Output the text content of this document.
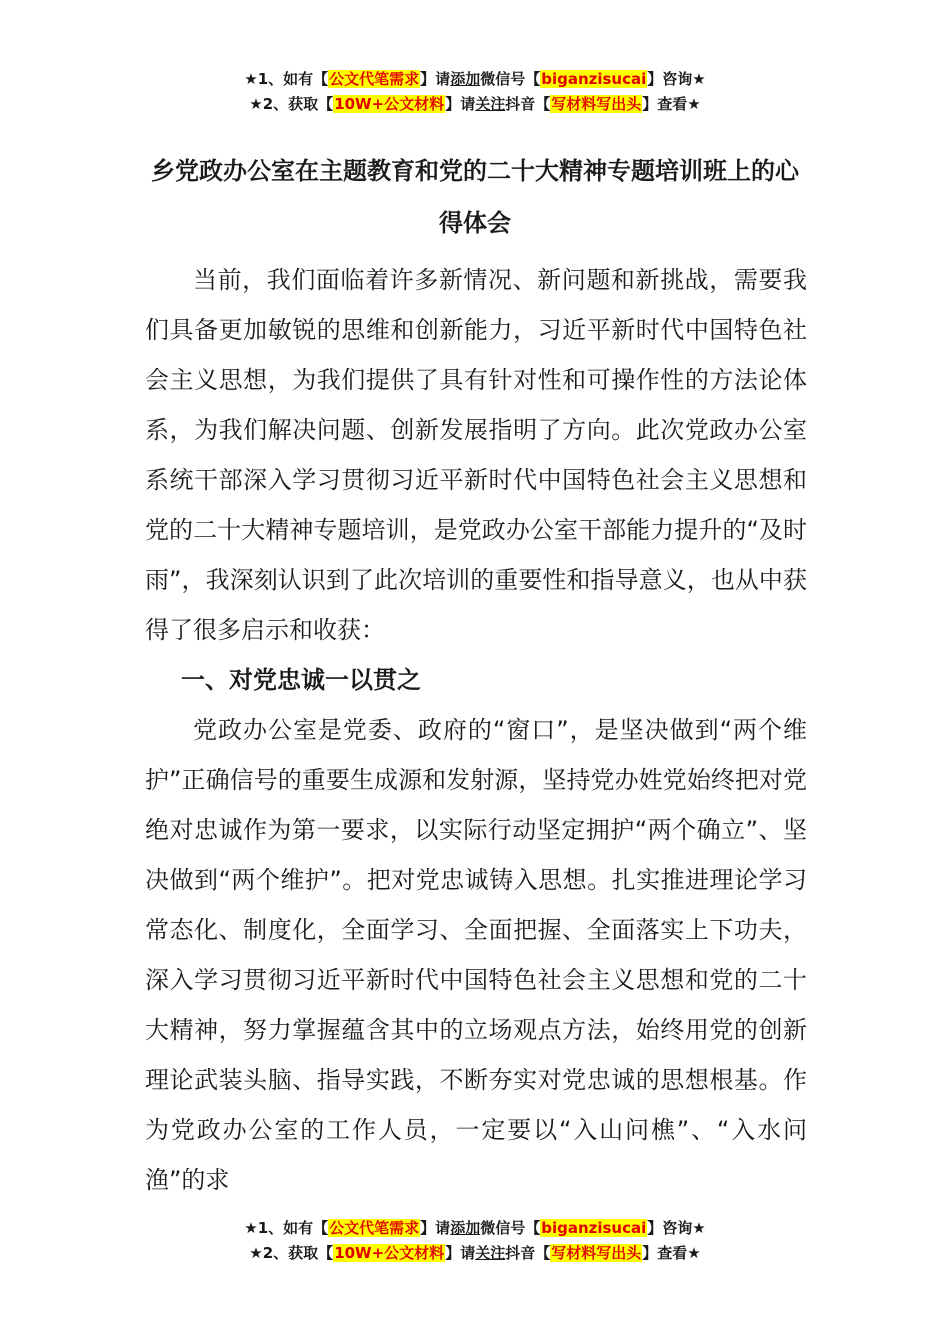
★1、如有【公文代笔需求】请添加微信号【biganzisucai】咨询★
★2、获取【10W+公文材料】请关注抖音【写材料写出头】查看★
乡党政办公室在主题教育和党的二十大精神专题培训班上的心得体会

当前，我们面临着许多新情况、新问题和新挑战，需要我们具备更加敏锐的思维和创新能力，习近平新时代中国特色社会主义思想，为我们提供了具有针对性和可操作性的方法论体系，为我们解决问题、创新发展指明了方向。此次党政办公室系统干部深入学习贯彻习近平新时代中国特色社会主义思想和党的二十大精神专题培训，是党政办公室干部能力提升的“及时雨”，我深刻认识到了此次培训的重要性和指导意义，也从中获得了很多启示和收获：

一、对党忠诚一以贯之

党政办公室是党委、政府的“窗口”，是坚决做到“两个维护”正确信号的重要生成源和发射源，坚持党办姓党始终把对党绝对忠诚作为第一要求，以实际行动坚定拥护“两个确立”、坚决做到“两个维护”。把对党忠诚铸入思想。扎实推进理论学习常态化、制度化，全面学习、全面把握、全面落实上下功夫，深入学习贯彻习近平新时代中国特色社会主义思想和党的二十大精神，努力掌握蕴含其中的立场观点方法，始终用党的创新理论武装头脑、指导实践，不断夯实对党忠诚的思想根基。作为党政办公室的工作人员，一定要以“入山问樵”、“入水问渔”的求

★1、如有【公文代笔需求】请添加微信号【biganzisucai】咨询★
★2、获取【10W+公文材料】请关注抖音【写材料写出头】查看★
